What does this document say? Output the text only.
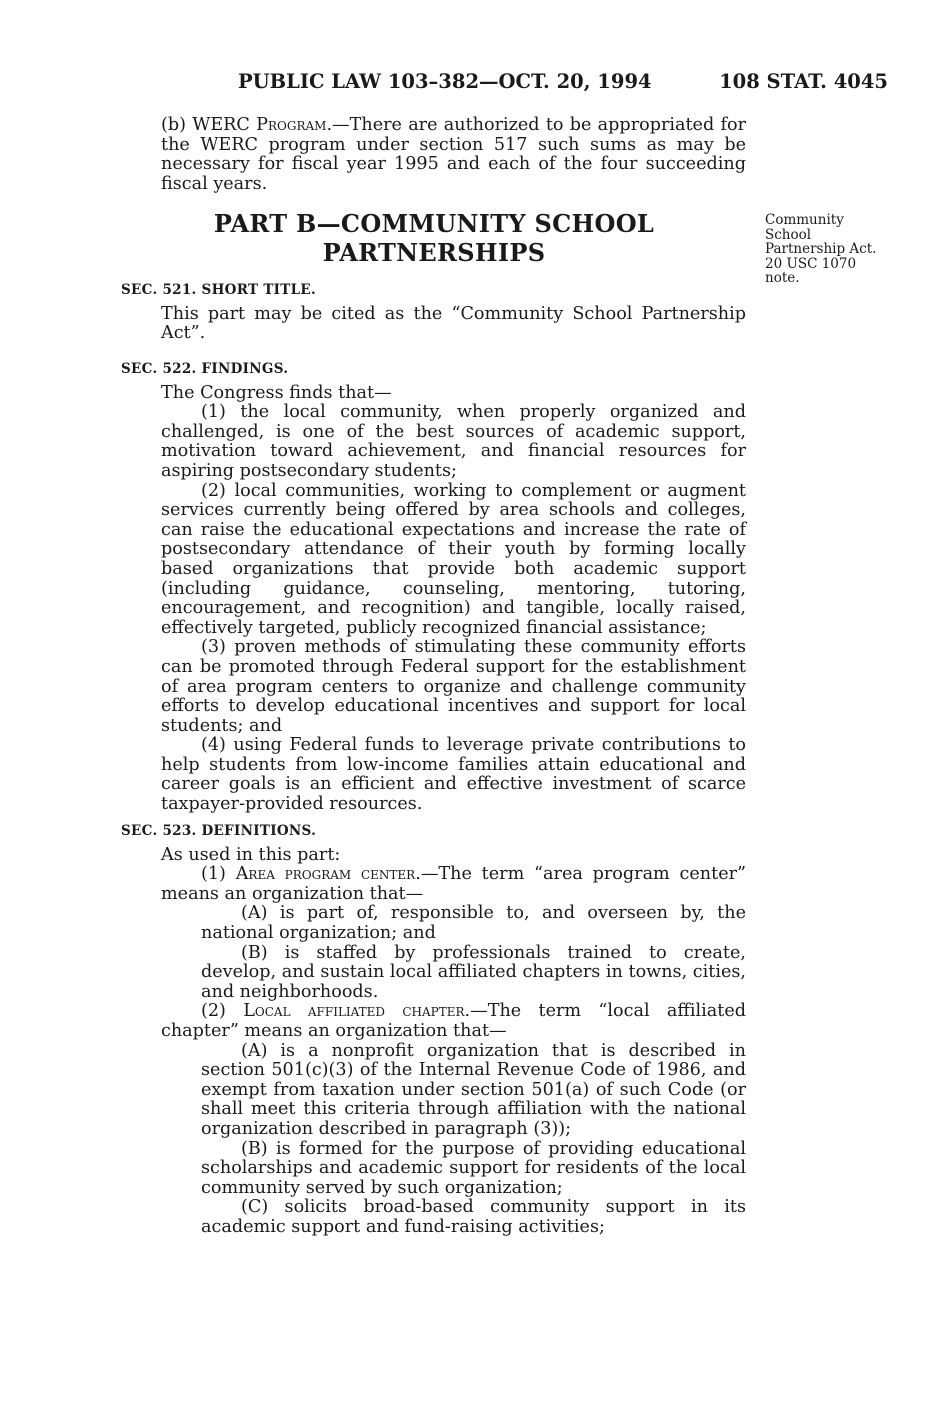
PUBLIC LAW 103–382—OCT. 20, 1994	108 STAT. 4045

(b) WERC Program.—There are authorized to be appropriated for the WERC program under section 517 such sums as may be necessary for fiscal year 1995 and each of the four succeeding fiscal years.

PART B—COMMUNITY SCHOOL
PARTNERSHIPS
Community
School
Partnership Act.
20 USC 1070
note.
SEC. 521. SHORT TITLE.

This part may be cited as the “Community School Partnership Act”.

SEC. 522. FINDINGS.

The Congress finds that—

(1) the local community, when properly organized and challenged, is one of the best sources of academic support, motivation toward achievement, and financial resources for aspiring postsecondary students;

(2) local communities, working to complement or augment services currently being offered by area schools and colleges, can raise the educational expectations and increase the rate of postsecondary attendance of their youth by forming locally based organizations that provide both academic support (including guidance, counseling, mentoring, tutoring, encouragement, and recognition) and tangible, locally raised, effectively targeted, publicly recognized financial assistance;

(3) proven methods of stimulating these community efforts can be promoted through Federal support for the establishment of area program centers to organize and challenge community efforts to develop educational incentives and support for local students; and

(4) using Federal funds to leverage private contributions to help students from low-income families attain educational and career goals is an efficient and effective investment of scarce taxpayer-provided resources.

SEC. 523. DEFINITIONS.

As used in this part:

(1) Area program center.—The term “area program center” means an organization that—

(A) is part of, responsible to, and overseen by, the national organization; and

(B) is staffed by professionals trained to create, develop, and sustain local affiliated chapters in towns, cities, and neighborhoods.

(2) Local affiliated chapter.—The term “local affiliated chapter” means an organization that—

(A) is a nonprofit organization that is described in section 501(c)(3) of the Internal Revenue Code of 1986, and exempt from taxation under section 501(a) of such Code (or shall meet this criteria through affiliation with the national organization described in paragraph (3));

(B) is formed for the purpose of providing educational scholarships and academic support for residents of the local community served by such organization;

(C) solicits broad-based community support in its academic support and fund-raising activities;
